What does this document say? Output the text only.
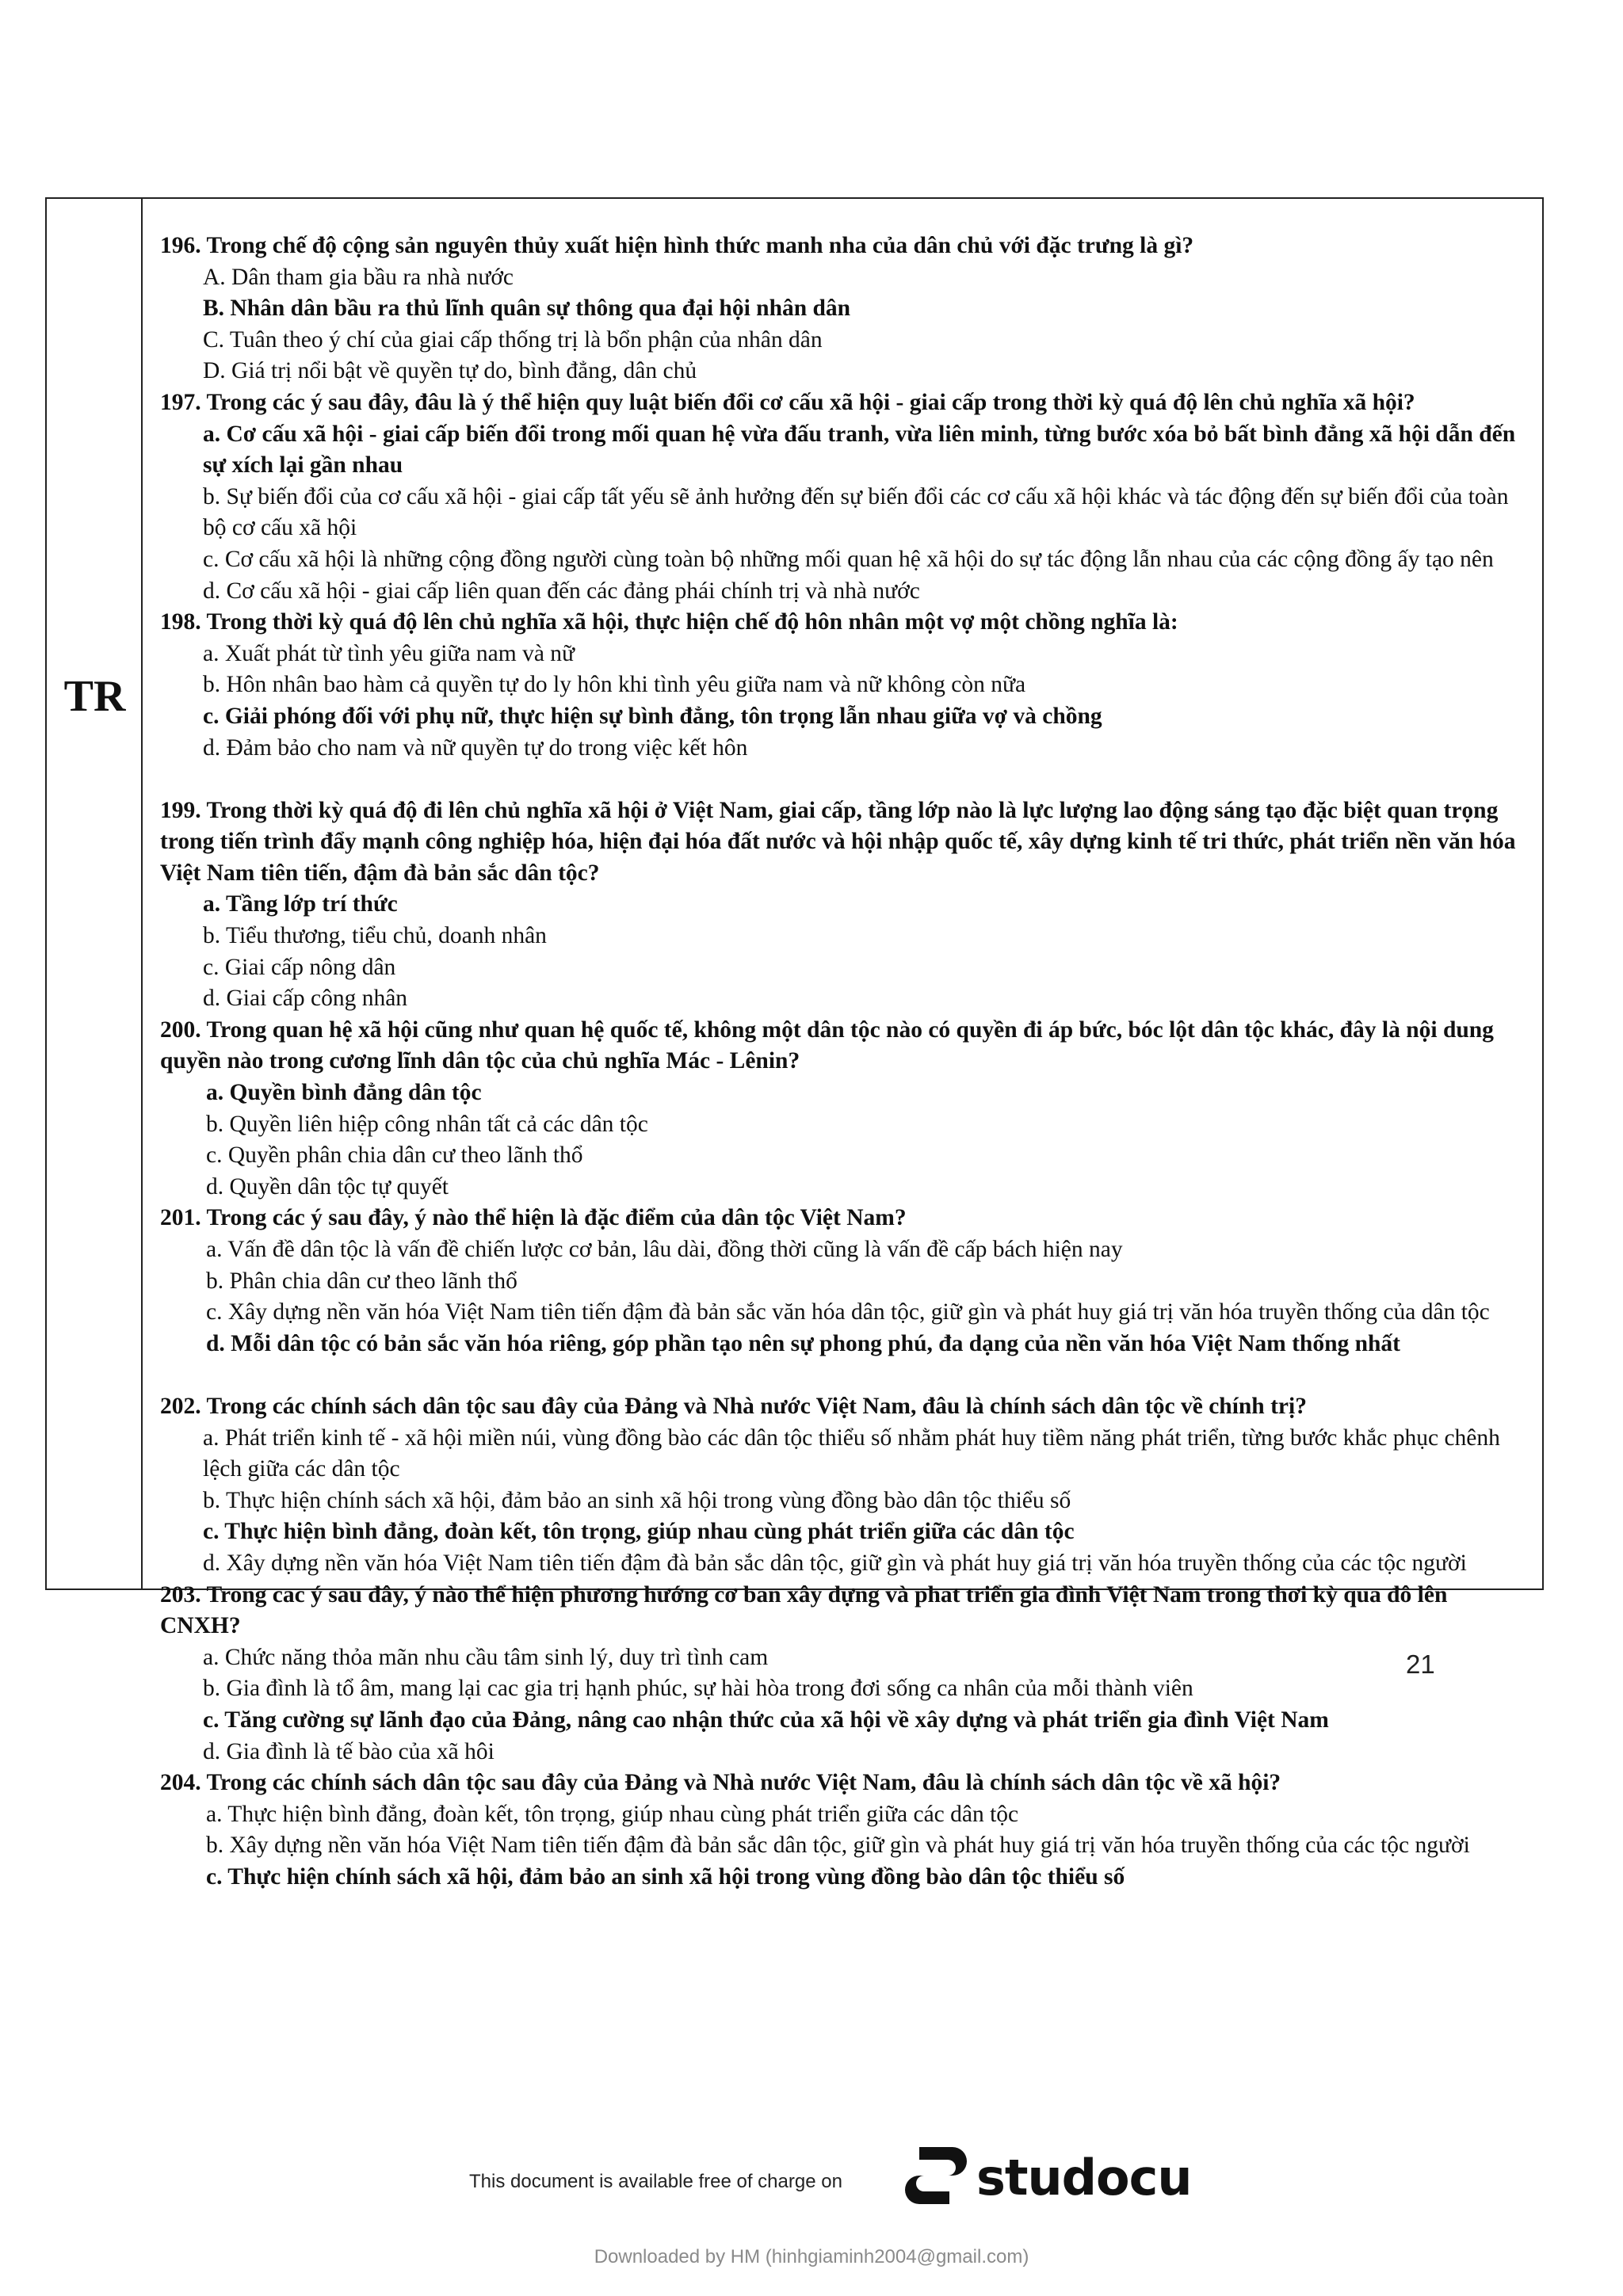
TR

196. Trong chế độ cộng sản nguyên thủy xuất hiện hình thức manh nha của dân chủ với đặc trưng là gì?

A. Dân tham gia bầu ra nhà nước

B. Nhân dân bầu ra thủ lĩnh quân sự thông qua đại hội nhân dân

C. Tuân theo ý chí của giai cấp thống trị là bổn phận của nhân dân

D. Giá trị nổi bật về quyền tự do, bình đẳng, dân chủ

197. Trong các ý sau đây, đâu là ý thể hiện quy luật biến đổi cơ cấu xã hội - giai cấp trong thời kỳ quá độ lên chủ nghĩa xã hội?

a. Cơ cấu xã hội - giai cấp biến đổi trong mối quan hệ vừa đấu tranh, vừa liên minh, từng bước xóa bỏ bất bình đẳng xã hội dẫn đến sự xích lại gần nhau

b. Sự biến đổi của cơ cấu xã hội - giai cấp tất yếu sẽ ảnh hưởng đến sự biến đổi các cơ cấu xã hội khác và tác động đến sự biến đổi của toàn bộ cơ cấu xã hội

c. Cơ cấu xã hội là những cộng đồng người cùng toàn bộ những mối quan hệ xã hội do sự tác động lẫn nhau của các cộng đồng ấy tạo nên

d. Cơ cấu xã hội - giai cấp liên quan đến các đảng phái chính trị và nhà nước

198. Trong thời kỳ quá độ lên chủ nghĩa xã hội, thực hiện chế độ hôn nhân một vợ một chồng nghĩa là:

a. Xuất phát từ tình yêu giữa nam và nữ

b. Hôn nhân bao hàm cả quyền tự do ly hôn khi tình yêu giữa nam và nữ không còn nữa

c. Giải phóng đối với phụ nữ, thực hiện sự bình đẳng, tôn trọng lẫn nhau giữa vợ và chồng

d. Đảm bảo cho nam và nữ quyền tự do trong việc kết hôn

199. Trong thời kỳ quá độ đi lên chủ nghĩa xã hội ở Việt Nam, giai cấp, tầng lớp nào là lực lượng lao động sáng tạo đặc biệt quan trọng trong tiến trình đẩy mạnh công nghiệp hóa, hiện đại hóa đất nước và hội nhập quốc tế, xây dựng kinh tế tri thức, phát triển nền văn hóa Việt Nam tiên tiến, đậm đà bản sắc dân tộc?

a. Tầng lớp trí thức

b. Tiểu thương, tiểu chủ, doanh nhân

c. Giai cấp nông dân

d. Giai cấp công nhân

200. Trong quan hệ xã hội cũng như quan hệ quốc tế, không một dân tộc nào có quyền đi áp bức, bóc lột dân tộc khác, đây là nội dung quyền nào trong cương lĩnh dân tộc của chủ nghĩa Mác - Lênin?

a. Quyền bình đẳng dân tộc

b. Quyền liên hiệp công nhân tất cả các dân tộc

c. Quyền phân chia dân cư theo lãnh thổ

d. Quyền dân tộc tự quyết

201. Trong các ý sau đây, ý nào thể hiện là đặc điểm của dân tộc Việt Nam?

a. Vấn đề dân tộc là vấn đề chiến lược cơ bản, lâu dài, đồng thời cũng là vấn đề cấp bách hiện nay

b. Phân chia dân cư theo lãnh thổ

c. Xây dựng nền văn hóa Việt Nam tiên tiến đậm đà bản sắc văn hóa dân tộc, giữ gìn và phát huy giá trị văn hóa truyền thống của dân tộc

d. Mỗi dân tộc có bản sắc văn hóa riêng, góp phần tạo nên sự phong phú, đa dạng của nền văn hóa Việt Nam thống nhất

202. Trong các chính sách dân tộc sau đây của Đảng và Nhà nước Việt Nam, đâu là chính sách dân tộc về chính trị?

a. Phát triển kinh tế - xã hội miền núi, vùng đồng bào các dân tộc thiểu số nhằm phát huy tiềm năng phát triển, từng bước khắc phục chênh lệch giữa các dân tộc

b. Thực hiện chính sách xã hội, đảm bảo an sinh xã hội trong vùng đồng bào dân tộc thiểu số

c. Thực hiện bình đẳng, đoàn kết, tôn trọng, giúp nhau cùng phát triển giữa các dân tộc

d. Xây dựng nền văn hóa Việt Nam tiên tiến đậm đà bản sắc dân tộc, giữ gìn và phát huy giá trị văn hóa truyền thống của các tộc người

203. Trong cac ý sau đây, ý nào thể hiện phương hướng cơ ban xây dựng và phat triển gia đình Việt Nam trong thơi kỳ qua đô lên CNXH?

a. Chức năng thỏa mãn nhu cầu tâm sinh lý, duy trì tình cam

b. Gia đình là tổ âm, mang lại cac gia trị hạnh phúc, sự hài hòa trong đơi sống ca nhân của mỗi thành viên

c. Tăng cường sự lãnh đạo của Đảng, nâng cao nhận thức của xã hội về xây dựng và phát triển gia đình Việt Nam

d. Gia đình là tế bào của xã hôi

204. Trong các chính sách dân tộc sau đây của Đảng và Nhà nước Việt Nam, đâu là chính sách dân tộc về xã hội?

a. Thực hiện bình đẳng, đoàn kết, tôn trọng, giúp nhau cùng phát triển giữa các dân tộc

b. Xây dựng nền văn hóa Việt Nam tiên tiến đậm đà bản sắc dân tộc, giữ gìn và phát huy giá trị văn hóa truyền thống của các tộc người

c. Thực hiện chính sách xã hội, đảm bảo an sinh xã hội trong vùng đồng bào dân tộc thiểu số

21
This document is available free of charge on	studocu
Downloaded by HM (hinhgiaminh2004@gmail.com)
